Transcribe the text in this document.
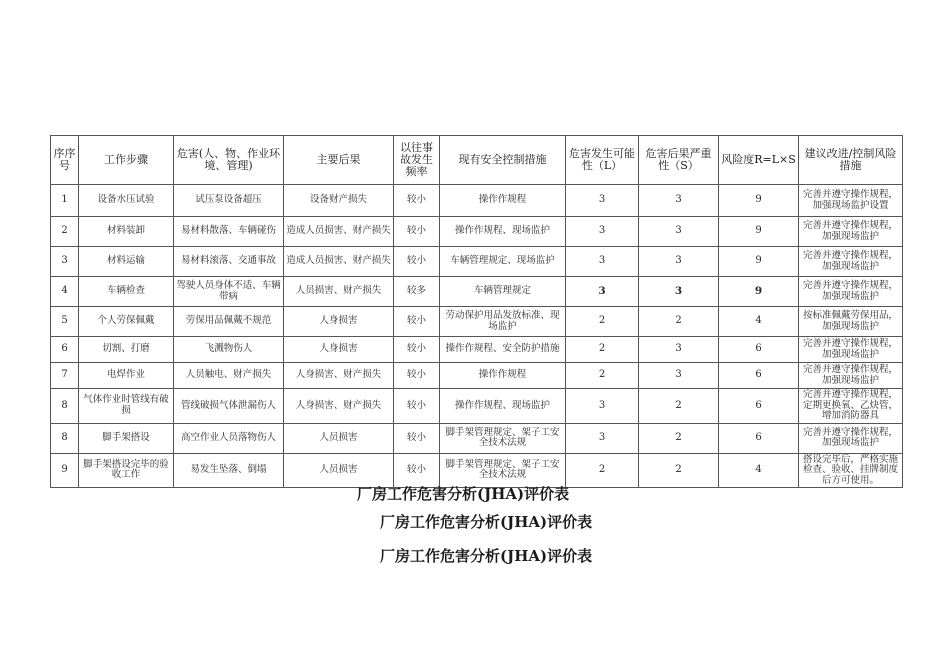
序序号	工作步骤	危害(人、物、作业环境、管理)	主要后果	以往事故发生频率	现有安全控制措施	危害发生可能性（L）	危害后果严重性（S）	风险度R=L×S	建议改进/控制风险措施
1	设备水压试验	试压泵设备超压	设备财产损失	较小	操作作规程	3	3	9	完善并遵守操作规程，加强现场监护设置
2	材料装卸	易材料散落、车辆碰伤	造成人员损害、财产损失	较小	操作作规程、现场监护	3	3	9	完善并遵守操作规程，加强现场监护
3	材料运输	易材料滚落、交通事故	造成人员损害、财产损失	较小	车辆管理规定、现场监护	3	3	9	完善并遵守操作规程，加强现场监护
4	车辆检查	驾驶人员身体不适、车辆带病	人员损害、财产损失	较多	车辆管理规定	3	3	9	完善并遵守操作规程，加强现场监护
5	个人劳保佩戴	劳保用品佩戴不规范	人身损害	较小	劳动保护用品发放标准、现场监护	2	2	4	按标准佩戴劳保用品，加强现场监护
6	切割、打磨	飞溅物伤人	人身损害	较小	操作作规程、安全防护措施	2	3	6	完善并遵守操作规程，加强现场监护
7	电焊作业	人员触电、财产损失	人身损害、财产损失	较小	操作作规程	2	3	6	完善并遵守操作规程，加强现场监护
8	气体作业时管线有破损	管线破损气体泄漏伤人	人身损害、财产损失	较小	操作作规程、现场监护	3	2	6	完善并遵守操作规程，定期更换氧、乙炔管，增加消防器具
8	脚手架搭设	高空作业人员落物伤人	人员损害	较小	脚手架管理规定、架子工安全技术法规	3	2	6	完善并遵守操作规程，加强现场监护
9	脚手架搭设完毕的验收工作	易发生坠落、倒塌	人员损害	较小	脚手架管理规定、架子工安全技术法规	2	2	4	搭设完毕后，严格实施检查、验收、挂牌制度后方可使用。
厂房工作危害分析(JHA)评价表
厂房工作危害分析(JHA)评价表
厂房工作危害分析(JHA)评价表
